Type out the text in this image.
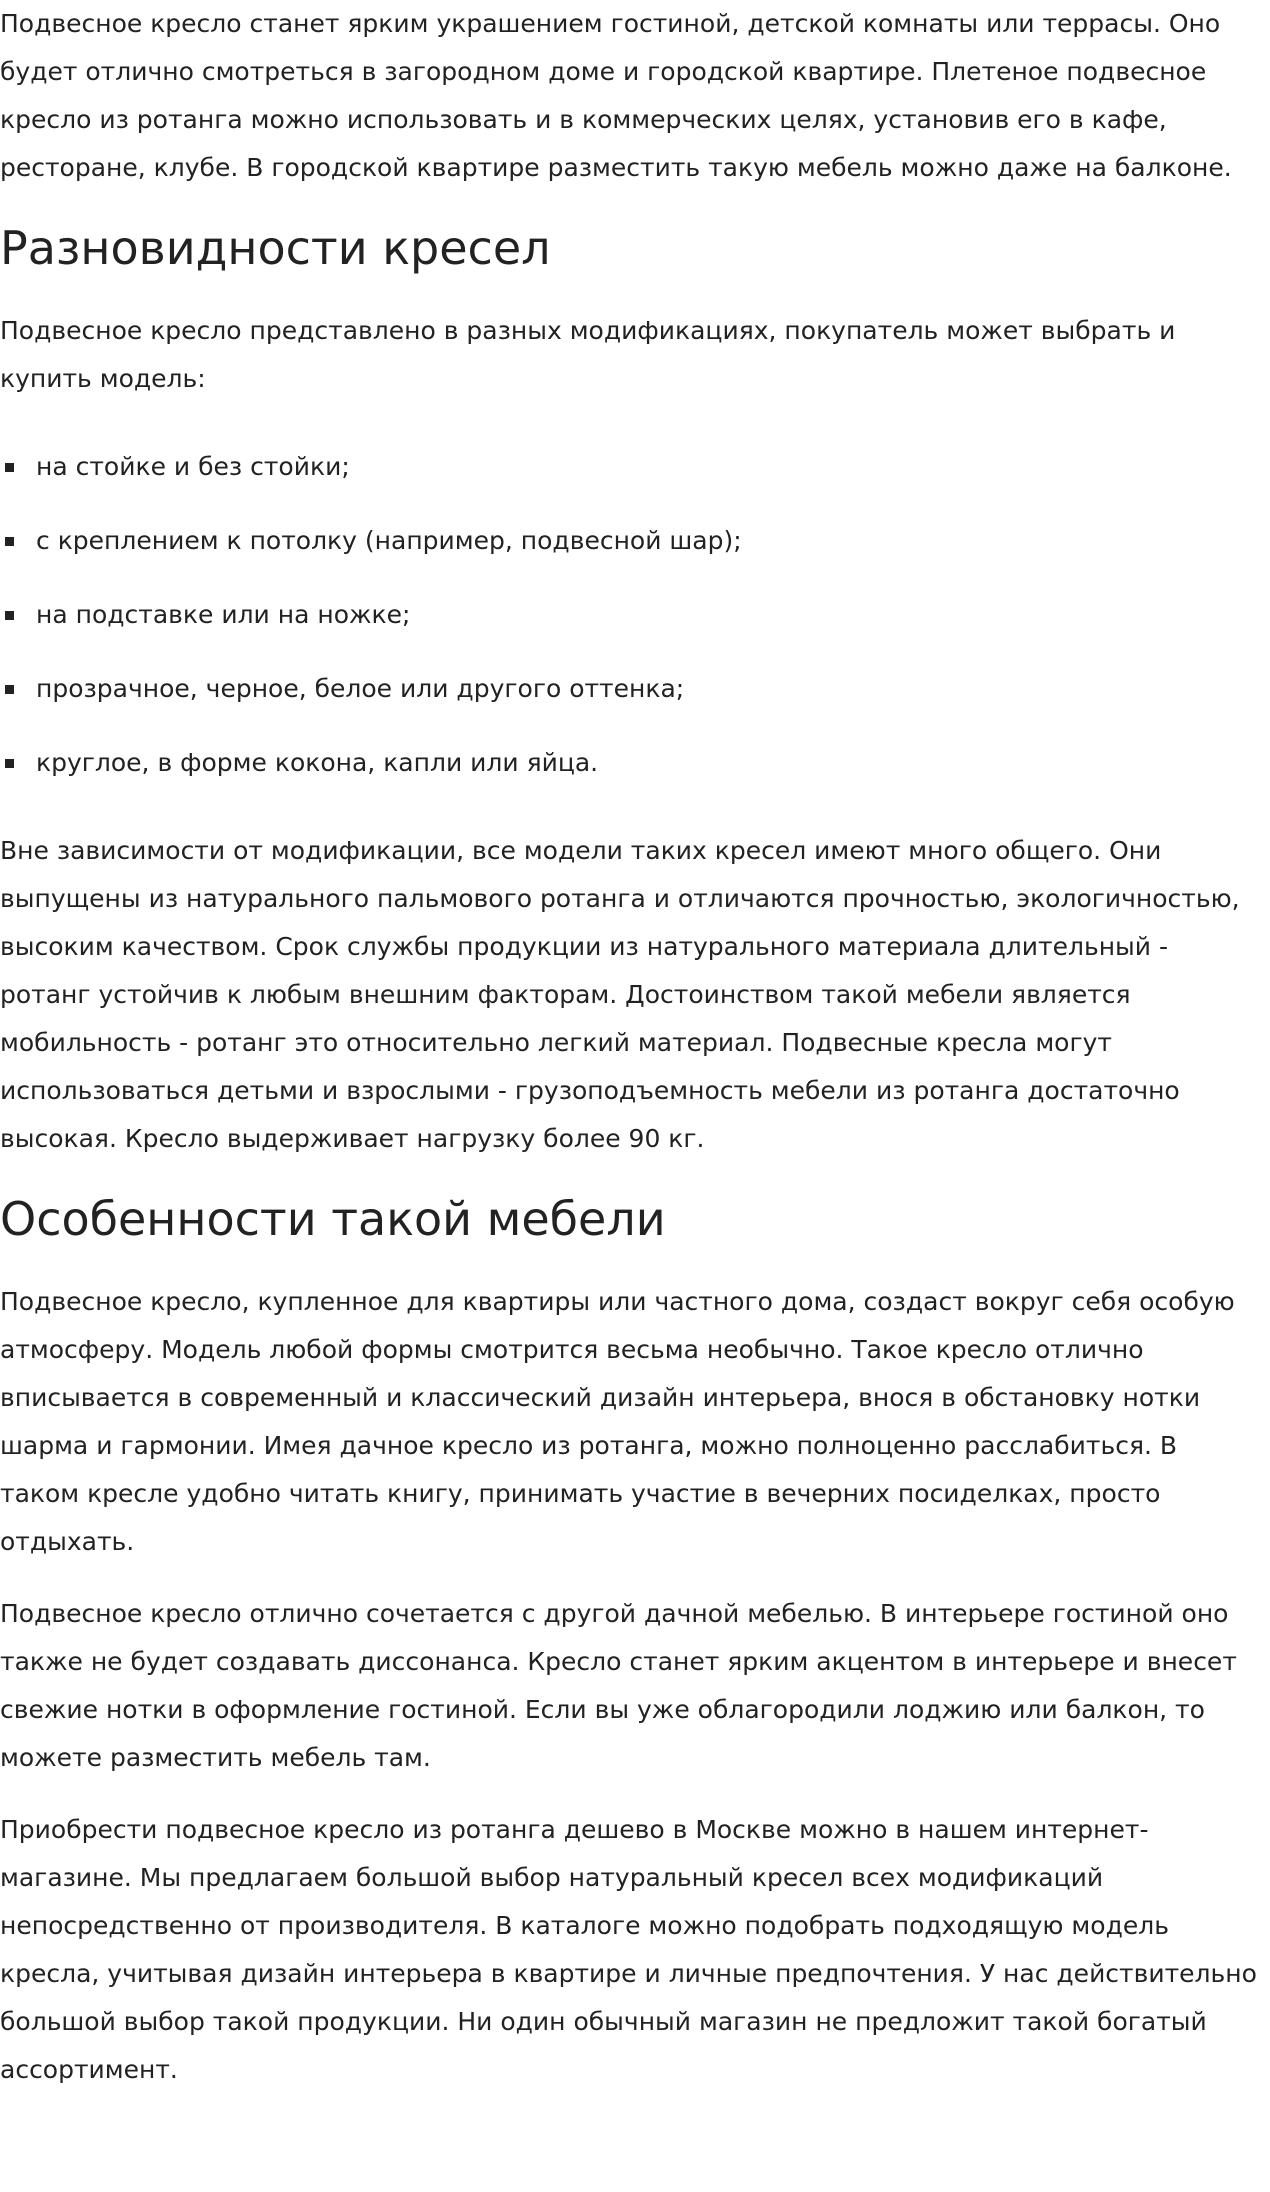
Подвесное кресло станет ярким украшением гостиной, детской комнаты или террасы. Оно будет отлично смотреться в загородном доме и городской квартире. Плетеное подвесное кресло из ротанга можно использовать и в коммерческих целях, установив его в кафе, ресторане, клубе. В городской квартире разместить такую мебель можно даже на балконе.

Разновидности кресел

Подвесное кресло представлено в разных модификациях, покупатель может выбрать и купить модель:

на стойке и без стойки;
с креплением к потолку (например, подвесной шар);
на подставке или на ножке;
прозрачное, черное, белое или другого оттенка;
круглое, в форме кокона, капли или яйца.

Вне зависимости от модификации, все модели таких кресел имеют много общего. Они выпущены из натурального пальмового ротанга и отличаются прочностью, экологичностью, высоким качеством. Срок службы продукции из натурального материала длительный - ротанг устойчив к любым внешним факторам. Достоинством такой мебели является мобильность - ротанг это относительно легкий материал. Подвесные кресла могут использоваться детьми и взрослыми - грузоподъемность мебели из ротанга достаточно высокая. Кресло выдерживает нагрузку более 90 кг.

Особенности такой мебели

Подвесное кресло, купленное для квартиры или частного дома, создаст вокруг себя особую атмосферу. Модель любой формы смотрится весьма необычно. Такое кресло отлично вписывается в современный и классический дизайн интерьера, внося в обстановку нотки шарма и гармонии. Имея дачное кресло из ротанга, можно полноценно расслабиться. В таком кресле удобно читать книгу, принимать участие в вечерних посиделках, просто отдыхать.

Подвесное кресло отлично сочетается с другой дачной мебелью. В интерьере гостиной оно также не будет создавать диссонанса. Кресло станет ярким акцентом в интерьере и внесет свежие нотки в оформление гостиной. Если вы уже облагородили лоджию или балкон, то можете разместить мебель там.

Приобрести подвесное кресло из ротанга дешево в Москве можно в нашем интернет-магазине. Мы предлагаем большой выбор натуральный кресел всех модификаций непосредственно от производителя. В каталоге можно подобрать подходящую модель кресла, учитывая дизайн интерьера в квартире и личные предпочтения. У нас действительно большой выбор такой продукции. Ни один обычный магазин не предложит такой богатый ассортимент.
